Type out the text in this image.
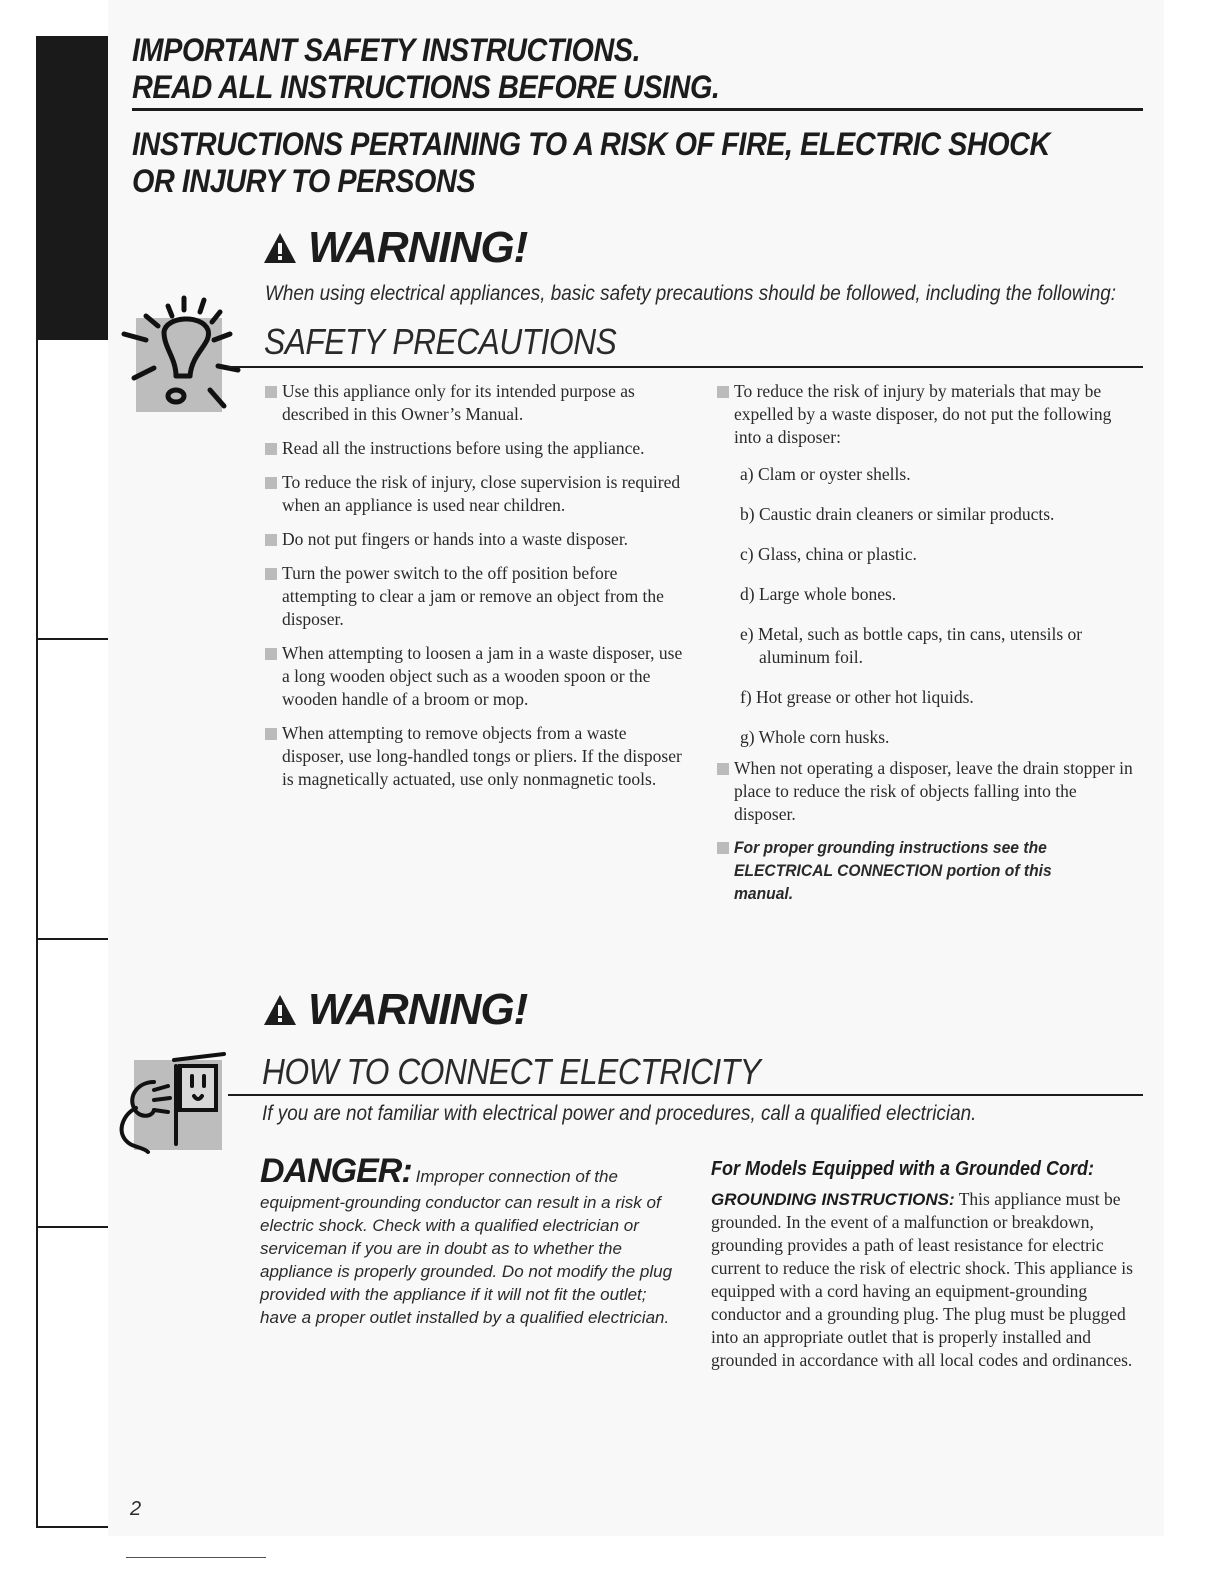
IMPORTANT SAFETY INSTRUCTIONS.
READ ALL INSTRUCTIONS BEFORE USING.
INSTRUCTIONS PERTAINING TO A RISK OF FIRE, ELECTRIC SHOCK
OR INJURY TO PERSONS
WARNING!
When using electrical appliances, basic safety precautions should be followed, including the following:
SAFETY PRECAUTIONS

Use this appliance only for its intended purpose as described in this Owner’s Manual.

Read all the instructions before using the appliance.

To reduce the risk of injury, close supervision is required when an appliance is used near children.

Do not put fingers or hands into a waste disposer.

Turn the power switch to the off position before attempting to clear a jam or remove an object from the disposer.

When attempting to loosen a jam in a waste disposer, use a long wooden object such as a wooden spoon or the wooden handle of a broom or mop.

When attempting to remove objects from a waste disposer, use long-handled tongs or pliers. If the disposer is magnetically actuated, use only nonmagnetic tools.

To reduce the risk of injury by materials that may be expelled by a waste disposer, do not put the following into a disposer:

a) Clam or oyster shells.

b) Caustic drain cleaners or similar products.

c) Glass, china or plastic.

d) Large whole bones.

e) Metal, such as bottle caps, tin cans, utensils or aluminum foil.

f) Hot grease or other hot liquids.

g) Whole corn husks.

When not operating a disposer, leave the drain stopper in place to reduce the risk of objects falling into the disposer.

For proper grounding instructions see the
ELECTRICAL CONNECTION portion of this manual.
WARNING!
HOW TO CONNECT ELECTRICITY
If you are not familiar with electrical power and procedures, call a qualified electrician.
DANGER: Improper connection of the equipment-grounding conductor can result in a risk of electric shock. Check with a qualified electrician or serviceman if you are in doubt as to whether the appliance is properly grounded. Do not modify the plug provided with the appliance if it will not fit the outlet; have a proper outlet installed by a qualified electrician.
For Models Equipped with a Grounded Cord:

GROUNDING INSTRUCTIONS: This appliance must be grounded. In the event of a malfunction or breakdown, grounding provides a path of least resistance for electric current to reduce the risk of electric shock. This appliance is equipped with a cord having an equipment-grounding conductor and a grounding plug. The plug must be plugged into an appropriate outlet that is properly installed and grounded in accordance with all local codes and ordinances.

2
